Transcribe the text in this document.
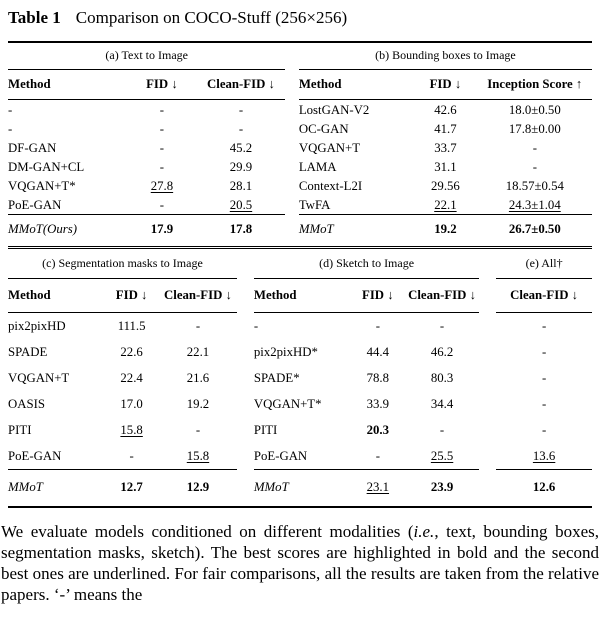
Table 1 Comparison on COCO-Stuff (256×256)
(a) Text to Image
Method	FID ↓	Clean-FID ↓
-	-	-
-	-	-
DF-GAN	-	45.2
DM-GAN+CL	-	29.9
VQGAN+T*	27.8	28.1
PoE-GAN	-	20.5
MMoT(Ours)	17.9	17.8
(b) Bounding boxes to Image
Method	FID ↓	Inception Score ↑
LostGAN-V2	42.6	18.0±0.50
OC-GAN	41.7	17.8±0.00
VQGAN+T	33.7	-
LAMA	31.1	-
Context-L2I	29.56	18.57±0.54
TwFA	22.1	24.3±1.04
MMoT	19.2	26.7±0.50
(c) Segmentation masks to Image
Method	FID ↓	Clean-FID ↓
pix2pixHD	111.5	-
SPADE	22.6	22.1
VQGAN+T	22.4	21.6
OASIS	17.0	19.2
PITI	15.8	-
PoE-GAN	-	15.8
MMoT	12.7	12.9
(d) Sketch to Image
Method	FID ↓	Clean-FID ↓
-	-	-
pix2pixHD*	44.4	46.2
SPADE*	78.8	80.3
VQGAN+T*	33.9	34.4
PITI	20.3	-
PoE-GAN	-	25.5
MMoT	23.1	23.9
(e) All†
Clean-FID ↓
-
-
-
-
-
13.6
12.6
We evaluate models conditioned on different modalities (i.e., text, bounding boxes, segmentation masks, sketch). The best scores are highlighted in bold and the second best ones are underlined. For fair comparisons, all the results are taken from the relative papers. ‘-’ means the
